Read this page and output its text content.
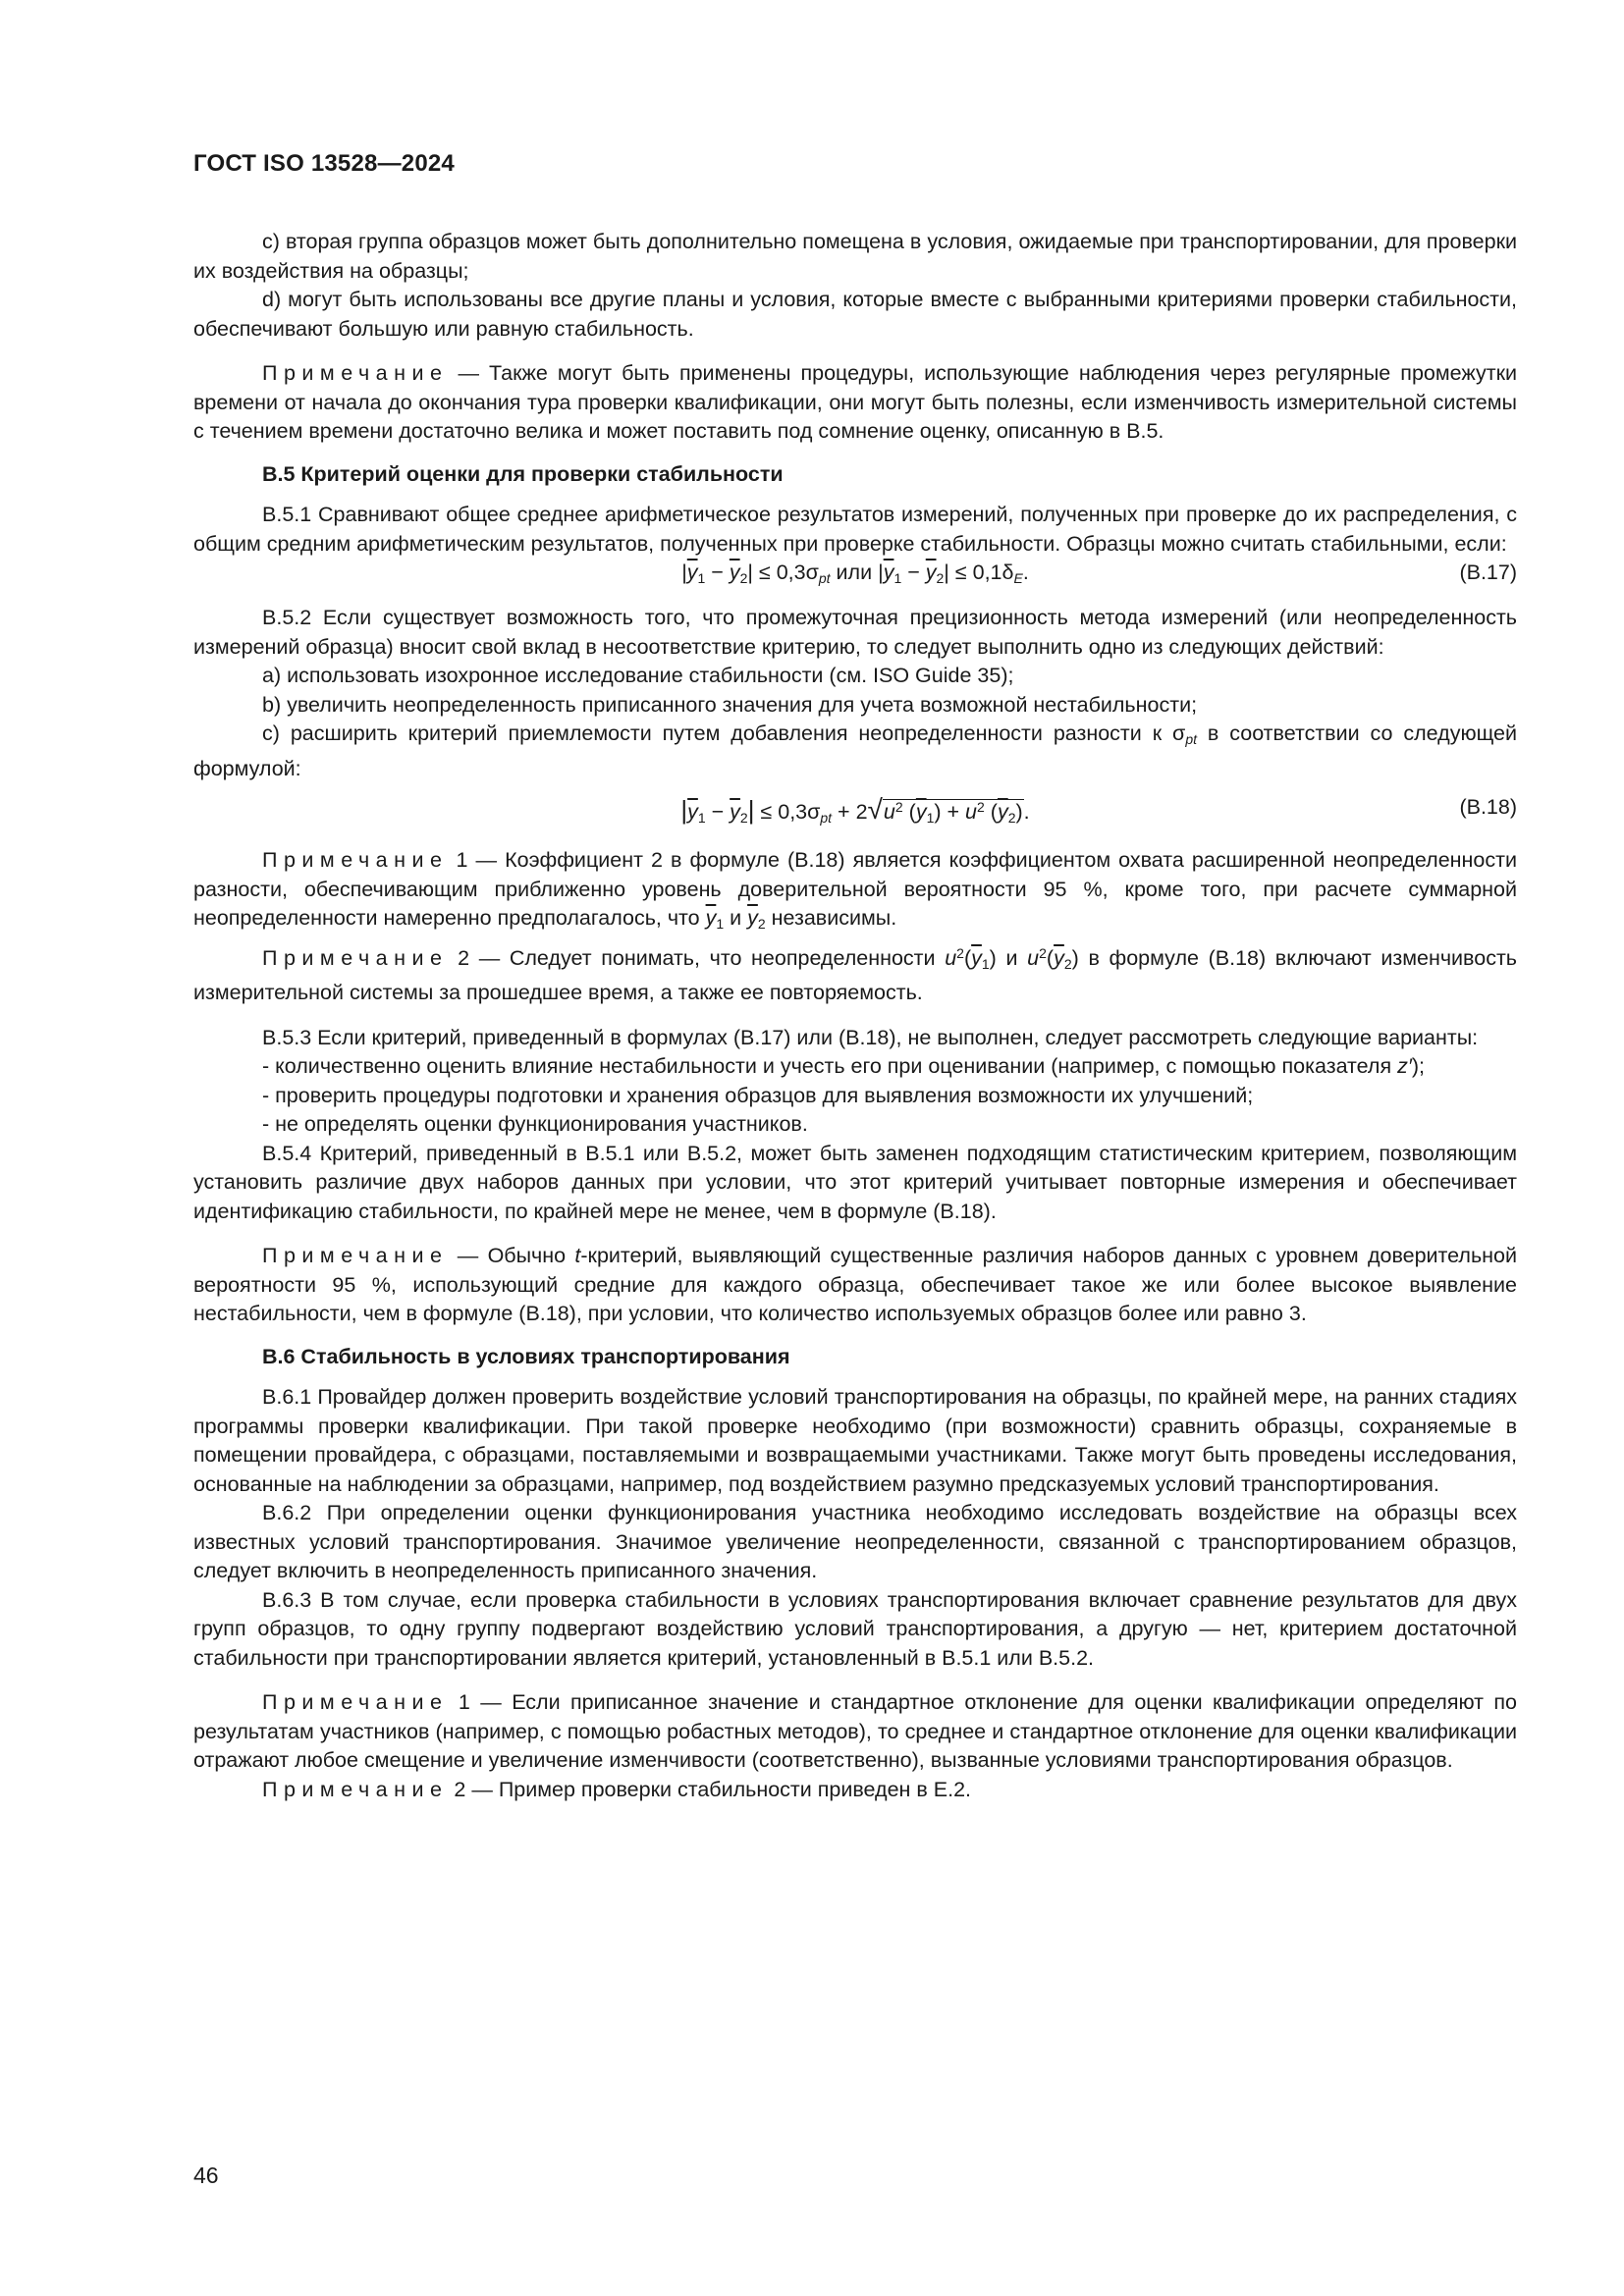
ГОСТ ISO 13528—2024

c) вторая группа образцов может быть дополнительно помещена в условия, ожидаемые при транспортировании, для проверки их воздействия на образцы;

d) могут быть использованы все другие планы и условия, которые вместе с выбранными критериями проверки стабильности, обеспечивают большую или равную стабильность.

Примечание — Также могут быть применены процедуры, использующие наблюдения через регулярные промежутки времени от начала до окончания тура проверки квалификации, они могут быть полезны, если изменчивость измерительной системы с течением времени достаточно велика и может поставить под сомнение оценку, описанную в B.5.

B.5 Критерий оценки для проверки стабильности

B.5.1 Сравнивают общее среднее арифметическое результатов измерений, полученных при проверке до их распределения, с общим средним арифметическим результатов, полученных при проверке стабильности. Образцы можно считать стабильными, если:

$|\overline{y}_1 - \overline{y}_2| \le 0,3\sigma_{pt}$ или $|\overline{y}_1 - \overline{y}_2| \le 0,1\delta_E$.	(B.17)

B.5.2 Если существует возможность того, что промежуточная прецизионность метода измерений (или неопределенность измерений образца) вносит свой вклад в несоответствие критерию, то следует выполнить одно из следующих действий:

a) использовать изохронное исследование стабильности (см. ISO Guide 35);

b) увеличить неопределенность приписанного значения для учета возможной нестабильности;

c) расширить критерий приемлемости путем добавления неопределенности разности к $\sigma_{pt}$ в соответствии со следующей формулой:

$|\overline{y}_1 - \overline{y}_2| \le 0,3\sigma_{pt} + 2√u^2$ $(\overline{y}_1) + u^2$ $(\overline{y}_2)$.	(B.18)

Примечание 1 — Коэффициент 2 в формуле (B.18) является коэффициентом охвата расширенной неопределенности разности, обеспечивающим приближенно уровень доверительной вероятности 95 %, кроме того, при расчете суммарной неопределенности намеренно предполагалось, что $\overline{y}_1$ и $\overline{y}_2$ независимы.

Примечание 2 — Следует понимать, что неопределенности $u^2(\overline{y}_1)$ и $u^2(\overline{y}_2)$ в формуле (B.18) включают изменчивость измерительной системы за прошедшее время, а также ее повторяемость.

B.5.3 Если критерий, приведенный в формулах (B.17) или (B.18), не выполнен, следует рассмотреть следующие варианты:

- количественно оценить влияние нестабильности и учесть его при оценивании (например, с помощью показателя z′);

- проверить процедуры подготовки и хранения образцов для выявления возможности их улучшений;

- не определять оценки функционирования участников.

B.5.4 Критерий, приведенный в B.5.1 или B.5.2, может быть заменен подходящим статистическим критерием, позволяющим установить различие двух наборов данных при условии, что этот критерий учитывает повторные измерения и обеспечивает идентификацию стабильности, по крайней мере не менее, чем в формуле (B.18).

Примечание — Обычно t-критерий, выявляющий существенные различия наборов данных с уровнем доверительной вероятности 95 %, использующий средние для каждого образца, обеспечивает такое же или более высокое выявление нестабильности, чем в формуле (B.18), при условии, что количество используемых образцов более или равно 3.

B.6 Стабильность в условиях транспортирования

B.6.1 Провайдер должен проверить воздействие условий транспортирования на образцы, по крайней мере, на ранних стадиях программы проверки квалификации. При такой проверке необходимо (при возможности) сравнить образцы, сохраняемые в помещении провайдера, с образцами, поставляемыми и возвращаемыми участниками. Также могут быть проведены исследования, основанные на наблюдении за образцами, например, под воздействием разумно предсказуемых условий транспортирования.

B.6.2 При определении оценки функционирования участника необходимо исследовать воздействие на образцы всех известных условий транспортирования. Значимое увеличение неопределенности, связанной с транспортированием образцов, следует включить в неопределенность приписанного значения.

B.6.3 В том случае, если проверка стабильности в условиях транспортирования включает сравнение результатов для двух групп образцов, то одну группу подвергают воздействию условий транспортирования, а другую — нет, критерием достаточной стабильности при транспортировании является критерий, установленный в B.5.1 или B.5.2.

Примечание 1 — Если приписанное значение и стандартное отклонение для оценки квалификации определяют по результатам участников (например, с помощью робастных методов), то среднее и стандартное отклонение для оценки квалификации отражают любое смещение и увеличение изменчивости (соответственно), вызванные условиями транспортирования образцов.

Примечание 2 — Пример проверки стабильности приведен в E.2.

46
